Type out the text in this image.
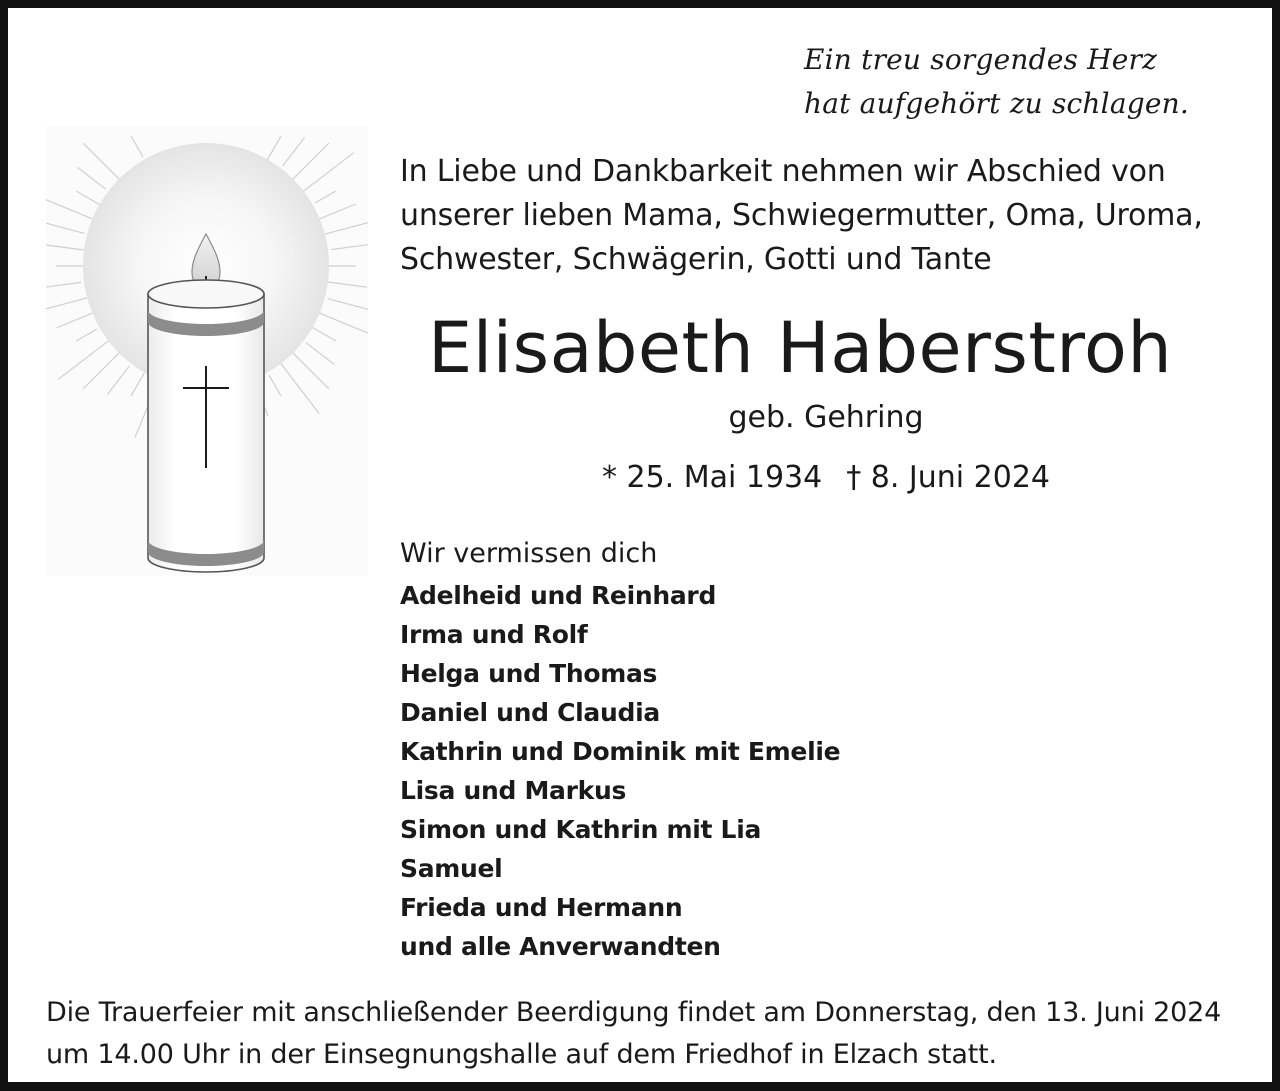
Ein treu sorgendes Herz
hat aufgehört zu schlagen.
In Liebe und Dankbarkeit nehmen wir Abschied von
unserer lieben Mama, Schwiegermutter, Oma, Uroma,
Schwester, Schwägerin, Gotti und Tante
Elisabeth Haberstroh
geb. Gehring
* 25. Mai 1934 † 8. Juni 2024
Wir vermissen dich
Adelheid und Reinhard
Irma und Rolf
Helga und Thomas
Daniel und Claudia
Kathrin und Dominik mit Emelie
Lisa und Markus
Simon und Kathrin mit Lia
Samuel
Frieda und Hermann
und alle Anverwandten
Die Trauerfeier mit anschließender Beerdigung findet am Donnerstag, den 13. Juni 2024
um 14.00 Uhr in der Einsegnungshalle auf dem Friedhof in Elzach statt.
